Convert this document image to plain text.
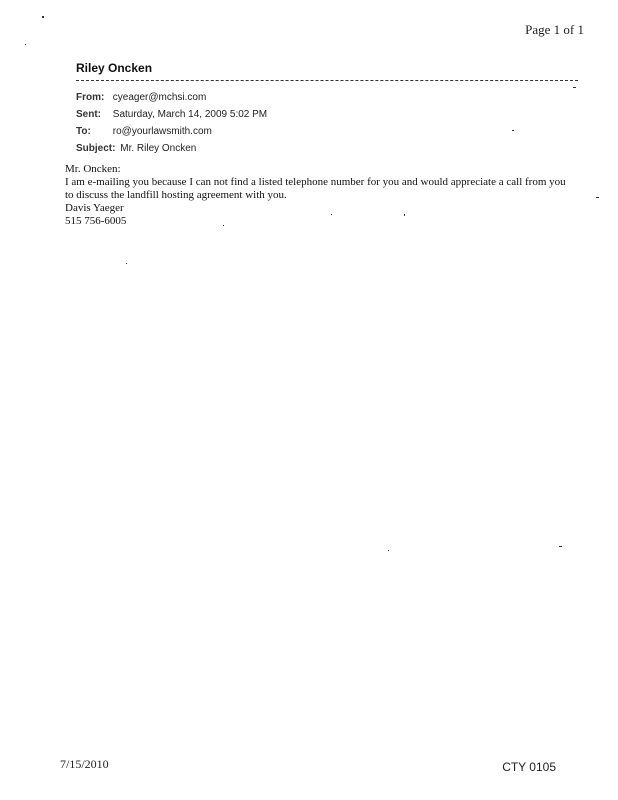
Page 1 of 1

Riley Oncken

From: cyeager@mchsi.com
Sent: Saturday, March 14, 2009 5:02 PM
To: ro@yourlawsmith.com
Subject: Mr. Riley Oncken

Mr. Oncken:

I am e-mailing you because I can not find a listed telephone number for you and would appreciate a call from you to discuss the landfill hosting agreement with you.

Davis Yaeger

515 756-6005

7/15/2010	CTY 0105
